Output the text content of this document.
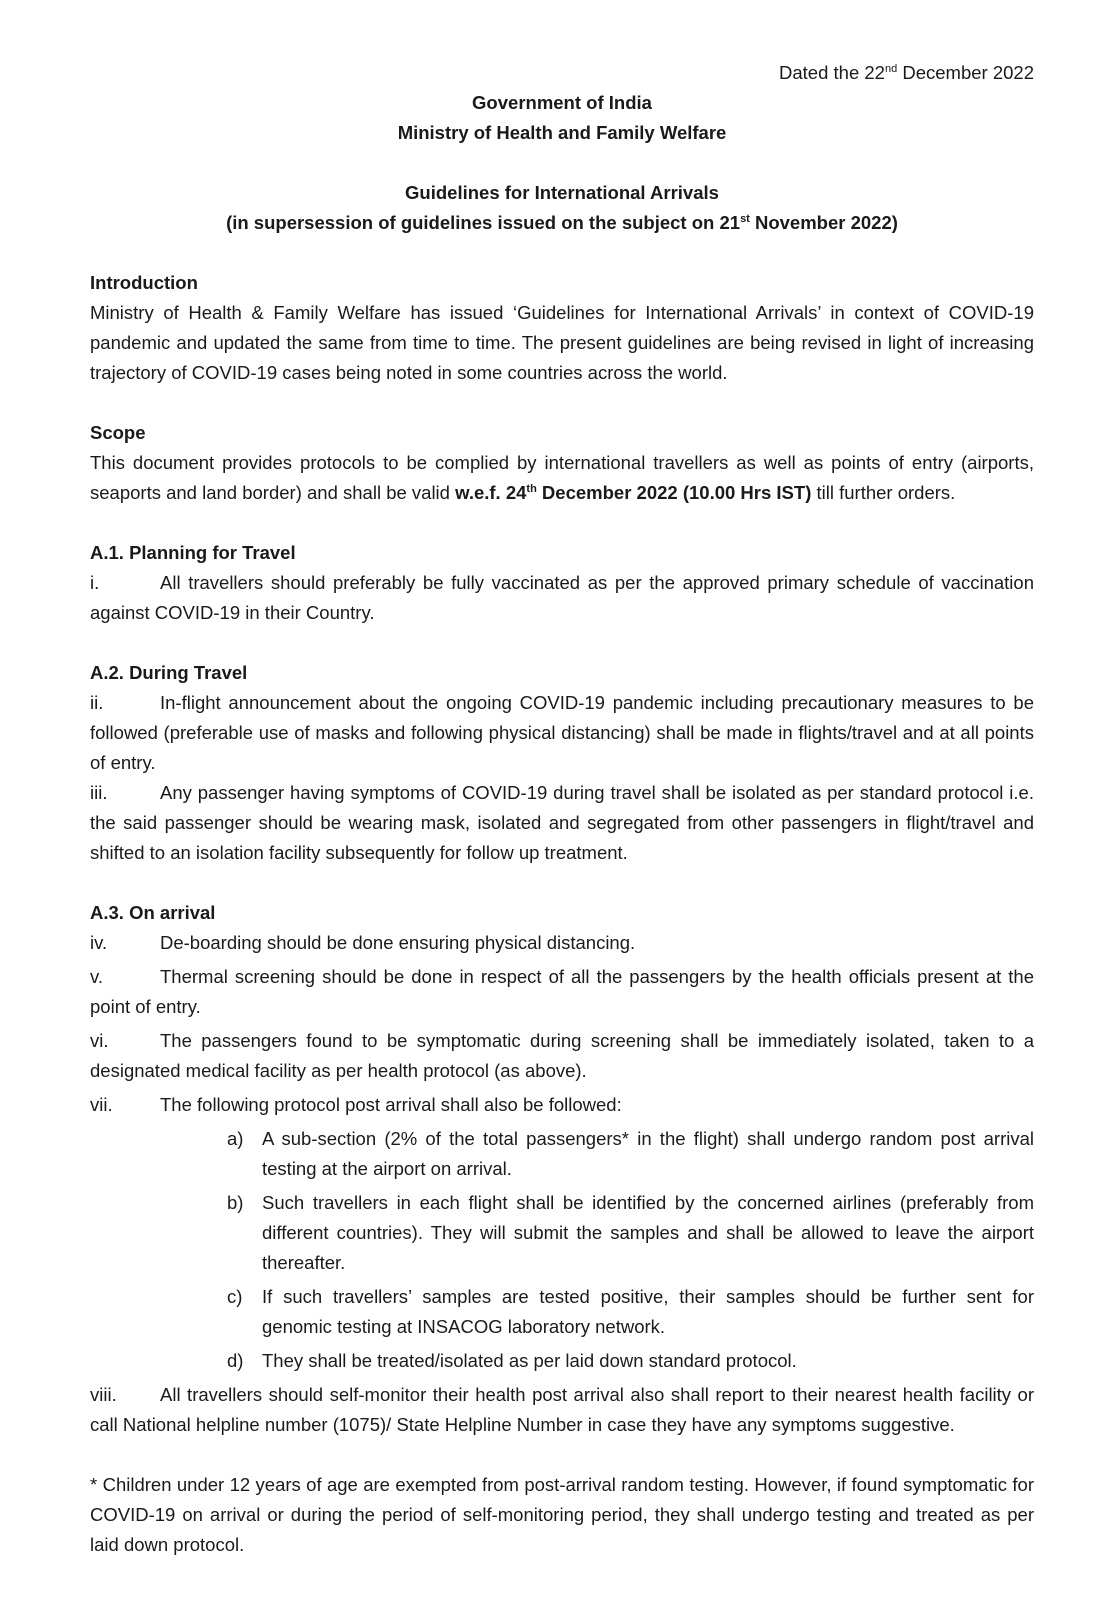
Dated the 22nd December 2022
Government of India
Ministry of Health and Family Welfare
Guidelines for International Arrivals
(in supersession of guidelines issued on the subject on 21st November 2022)
Introduction

Ministry of Health & Family Welfare has issued ‘Guidelines for International Arrivals’ in context of COVID-19 pandemic and updated the same from time to time. The present guidelines are being revised in light of increasing trajectory of COVID-19 cases being noted in some countries across the world.

Scope

This document provides protocols to be complied by international travellers as well as points of entry (airports, seaports and land border) and shall be valid w.e.f. 24th December 2022 (10.00 Hrs IST) till further orders.

A.1. Planning for Travel
i.	All travellers should preferably be fully vaccinated as per the approved primary schedule of vaccination against COVID-19 in their Country.
A.2. During Travel
ii.	In-flight announcement about the ongoing COVID-19 pandemic including precautionary measures to be followed (preferable use of masks and following physical distancing) shall be made in flights/travel and at all points of entry.
iii.	Any passenger having symptoms of COVID-19 during travel shall be isolated as per standard protocol i.e. the said passenger should be wearing mask, isolated and segregated from other passengers in flight/travel and shifted to an isolation facility subsequently for follow up treatment.
A.3. On arrival
iv.	De-boarding should be done ensuring physical distancing.
v.	Thermal screening should be done in respect of all the passengers by the health officials present at the point of entry.
vi.	The passengers found to be symptomatic during screening shall be immediately isolated, taken to a designated medical facility as per health protocol (as above).
vii.	The following protocol post arrival shall also be followed:
a) A sub-section (2% of the total passengers* in the flight) shall undergo random post arrival testing at the airport on arrival.
b) Such travellers in each flight shall be identified by the concerned airlines (preferably from different countries). They will submit the samples and shall be allowed to leave the airport thereafter.
c) If such travellers’ samples are tested positive, their samples should be further sent for genomic testing at INSACOG laboratory network.
d) They shall be treated/isolated as per laid down standard protocol.
viii. All travellers should self-monitor their health post arrival also shall report to their nearest health facility or call National helpline number (1075)/ State Helpline Number in case they have any symptoms suggestive.

* Children under 12 years of age are exempted from post-arrival random testing. However, if found symptomatic for COVID-19 on arrival or during the period of self-monitoring period, they shall undergo testing and treated as per laid down protocol.
